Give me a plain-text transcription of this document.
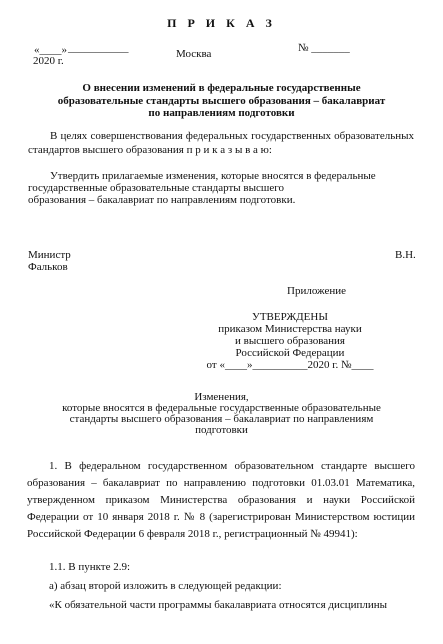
П Р И К А З
«____» ___________
2020 г.
Москва	№ _______
О внесении изменений в федеральные государственные
образовательные стандарты высшего образования – бакалавриат
по направлениям подготовки
В целях совершенствования федеральных государственных образовательных стандартов высшего образования п р и к а з ы в а ю:
Утвердить прилагаемые изменения, которые вносятся в федеральные
государственные образовательные стандарты высшего
образования – бакалавриат по направлениям подготовки.
Министр	В.Н.
Фальков
Приложение
УТВЕРЖДЕНЫ
приказом Министерства науки
и высшего образования
Российской Федерации
от «____»__________2020 г. №____
Изменения,
которые вносятся в федеральные государственные образовательные
стандарты высшего образования – бакалавриат по направлениям
подготовки
1. В федеральном государственном образовательном стандарте высшего образования – бакалавриат по направлению подготовки 01.03.01 Математика, утвержденном приказом Министерства образования и науки Российской Федерации от 10 января 2018 г. № 8 (зарегистрирован Министерством юстиции Российской Федерации 6 февраля 2018 г., регистрационный № 49941):
1.1. В пункте 2.9:
а) абзац второй изложить в следующей редакции:
«К обязательной части программы бакалавриата относятся дисциплины
